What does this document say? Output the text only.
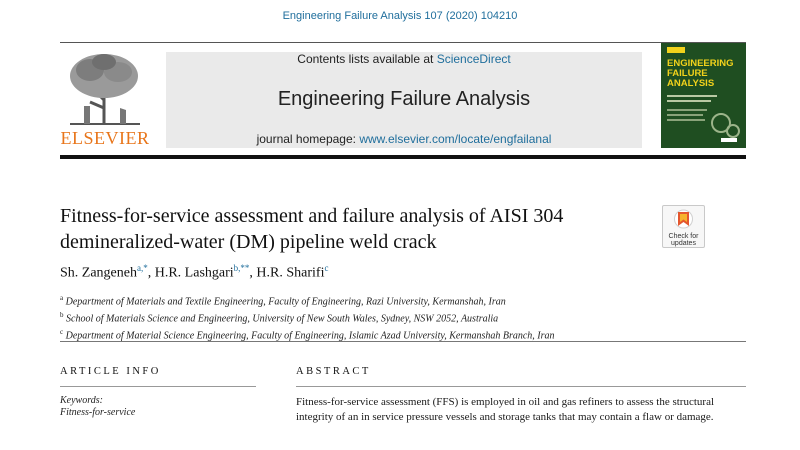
Engineering Failure Analysis 107 (2020) 104210
ELSEVIER
Contents lists available at ScienceDirect
Engineering Failure Analysis
journal homepage: www.elsevier.com/locate/engfailanal
ENGINEERING
FAILURE
ANALYSIS
Fitness-for-service assessment and failure analysis of AISI 304
demineralized-water (DM) pipeline weld crack	Check for
updates
Sh. Zangeneh$^{a,*}$, H.R. Lashgari$^{b,**}$, H.R. Sharifi$^c$
$^a$ Department of Materials and Textile Engineering, Faculty of Engineering, Razi University, Kermanshah, Iran
$^b$ School of Materials Science and Engineering, University of New South Wales, Sydney, NSW 2052, Australia
$^c$ Department of Material Science Engineering, Faculty of Engineering, Islamic Azad University, Kermanshah Branch, Iran
ARTICLE INFO
Keywords:
Fitness-for-service
ABSTRACT
Fitness-for-service assessment (FFS) is employed in oil and gas refiners to assess the structural
integrity of an in service pressure vessels and storage tanks that may contain a flaw or damage.
